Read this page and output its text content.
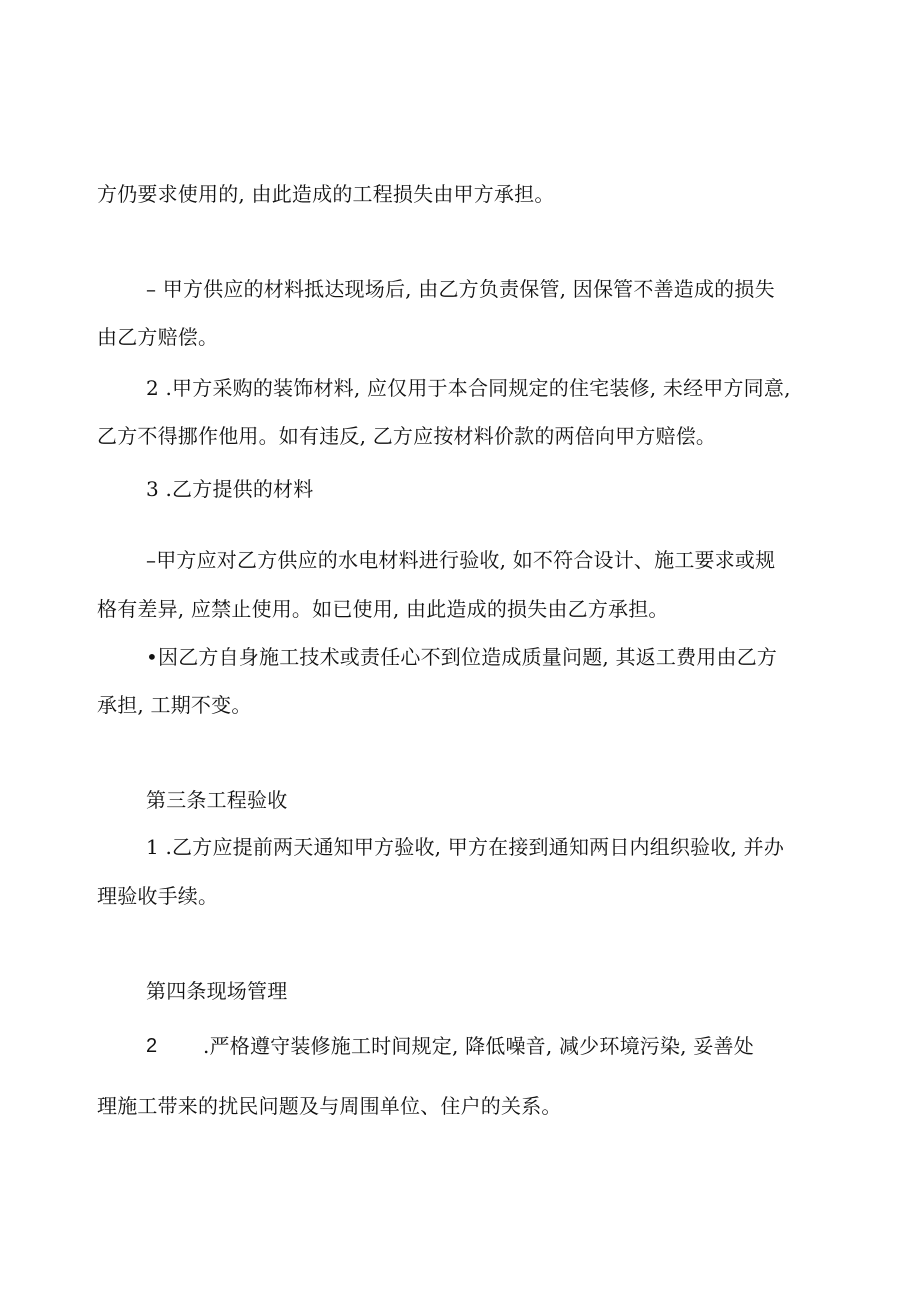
方仍要求使用的, 由此造成的工程损失由甲方承担。
– 甲方供应的材料抵达现场后, 由乙方负责保管, 因保管不善造成的损失
由乙方赔偿。
2 .甲方采购的装饰材料, 应仅用于本合同规定的住宅装修, 未经甲方同意,
乙方不得挪作他用。如有违反, 乙方应按材料价款的两倍向甲方赔偿。
3 .乙方提供的材料
–甲方应对乙方供应的水电材料进行验收, 如不符合设计、施工要求或规
格有差异, 应禁止使用。如已使用, 由此造成的损失由乙方承担。
•因乙方自身施工技术或责任心不到位造成质量问题, 其返工费用由乙方
承担, 工期不变。
第三条工程验收
1 .乙方应提前两天通知甲方验收, 甲方在接到通知两日内组织验收, 并办
理验收手续。
第四条现场管理
2 .严格遵守装修施工时间规定, 降低噪音, 减少环境污染, 妥善处
理施工带来的扰民问题及与周围单位、住户的关系。
